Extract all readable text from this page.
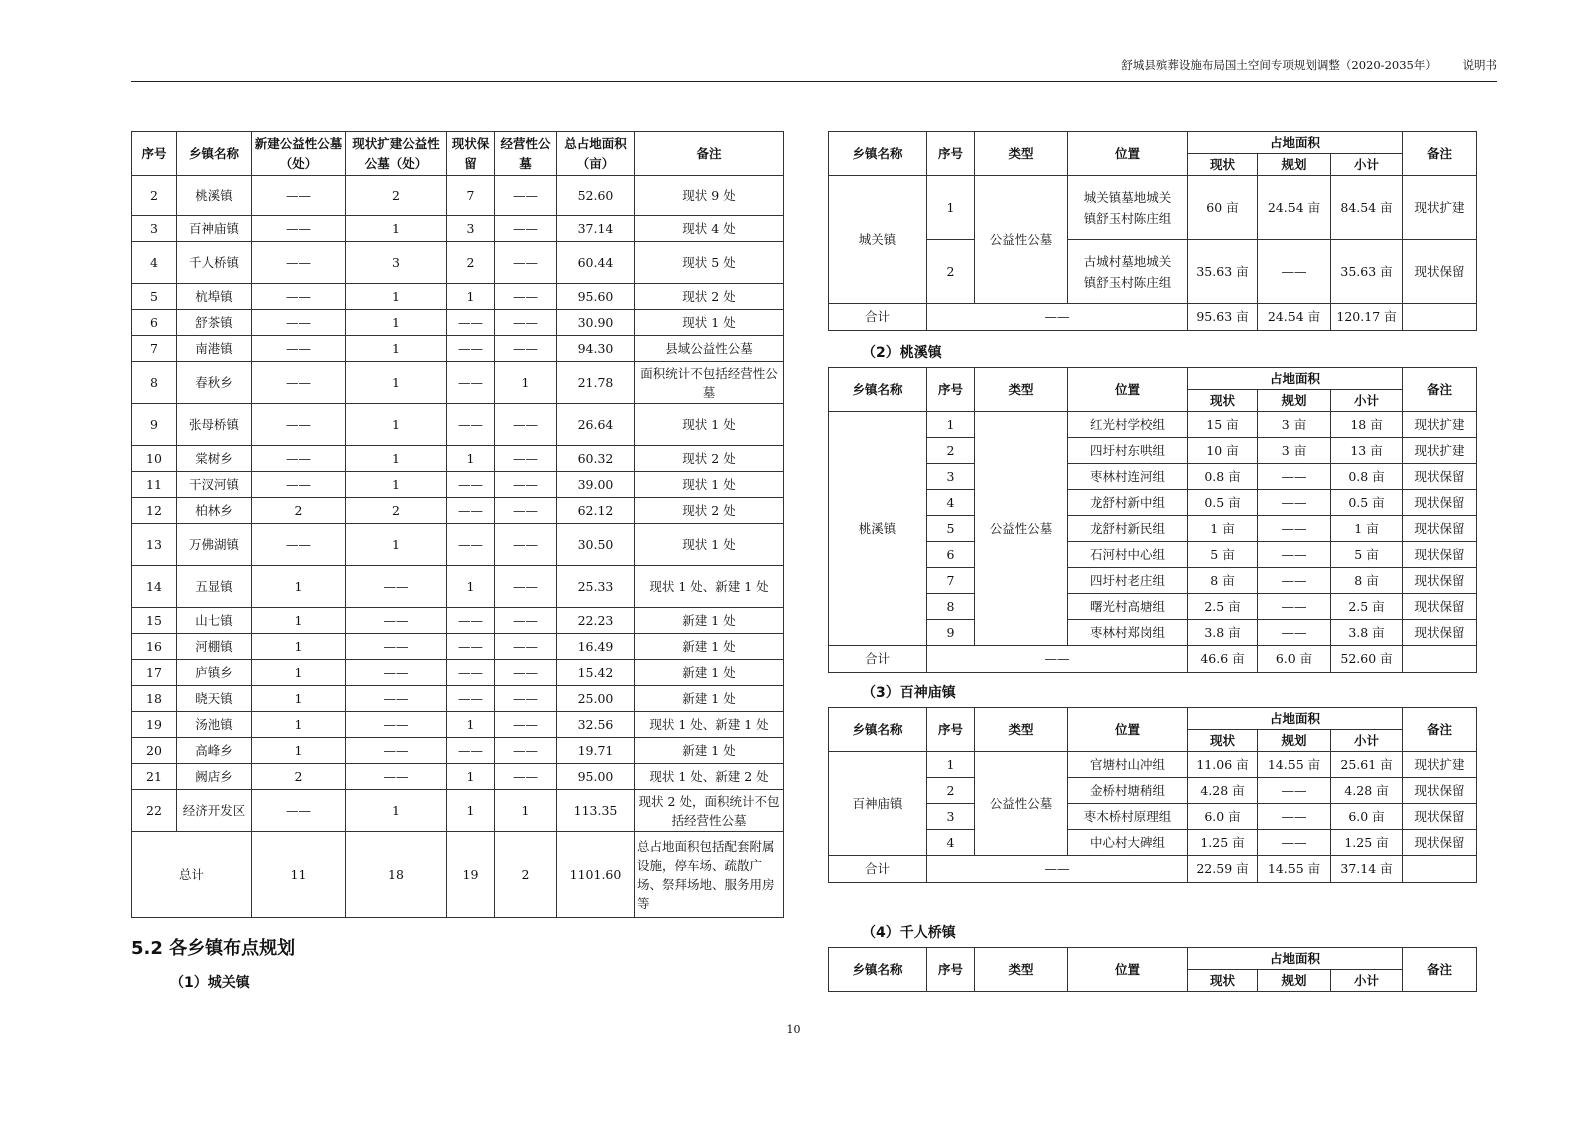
舒城县殡葬设施布局国土空间专项规划调整（2020-2035年） 说明书
序号	乡镇名称	新建公益性公墓（处）	现状扩建公益性公墓（处）	现状保留	经营性公墓	总占地面积（亩）	备注
2	桃溪镇	——	2	7	——	52.60	现状 9 处
3	百神庙镇	——	1	3	——	37.14	现状 4 处
4	千人桥镇	——	3	2	——	60.44	现状 5 处
5	杭埠镇	——	1	1	——	95.60	现状 2 处
6	舒茶镇	——	1	——	——	30.90	现状 1 处
7	南港镇	——	1	——	——	94.30	县域公益性公墓
8	春秋乡	——	1	——	1	21.78	面积统计不包括经营性公墓
9	张母桥镇	——	1	——	——	26.64	现状 1 处
10	棠树乡	——	1	1	——	60.32	现状 2 处
11	干汊河镇	——	1	——	——	39.00	现状 1 处
12	柏林乡	2	2	——	——	62.12	现状 2 处
13	万佛湖镇	——	1	——	——	30.50	现状 1 处
14	五显镇	1	——	1	——	25.33	现状 1 处、新建 1 处
15	山七镇	1	——	——	——	22.23	新建 1 处
16	河棚镇	1	——	——	——	16.49	新建 1 处
17	庐镇乡	1	——	——	——	15.42	新建 1 处
18	晓天镇	1	——	——	——	25.00	新建 1 处
19	汤池镇	1	——	1	——	32.56	现状 1 处、新建 1 处
20	高峰乡	1	——	——	——	19.71	新建 1 处
21	阙店乡	2	——	1	——	95.00	现状 1 处、新建 2 处
22	经济开发区	——	1	1	1	113.35	现状 2 处，面积统计不包括经营性公墓
总计		11	18	19	2	1101.60	总占地面积包括配套附属设施，停车场、疏散广场、祭拜场地、服务用房等
5.2 各乡镇布点规划
（1）城关镇
乡镇名称	序号	类型	位置	占地面积			备注
				现状	规划	小计	
城关镇	1	公益性公墓	城关镇墓地城关镇舒玉村陈庄组	60 亩	24.54 亩	84.54 亩	现状扩建
	2		古城村墓地城关镇舒玉村陈庄组	35.63 亩	——	35.63 亩	现状保留
合计	——			95.63 亩	24.54 亩	120.17 亩	
（2）桃溪镇
乡镇名称	序号	类型	位置	占地面积			备注
				现状	规划	小计	
桃溪镇	1	公益性公墓	红光村学校组	15 亩	3 亩	18 亩	现状扩建
	2		四圩村东哄组	10 亩	3 亩	13 亩	现状扩建
	3		枣林村连河组	0.8 亩	——	0.8 亩	现状保留
	4		龙舒村新中组	0.5 亩	——	0.5 亩	现状保留
	5		龙舒村新民组	1 亩	——	1 亩	现状保留
	6		石河村中心组	5 亩	——	5 亩	现状保留
	7		四圩村老庄组	8 亩	——	8 亩	现状保留
	8		曙光村高塘组	2.5 亩	——	2.5 亩	现状保留
	9		枣林村郑岗组	3.8 亩	——	3.8 亩	现状保留
合计	——			46.6 亩	6.0 亩	52.60 亩	
（3）百神庙镇
乡镇名称	序号	类型	位置	占地面积			备注
				现状	规划	小计	
百神庙镇	1	公益性公墓	官塘村山冲组	11.06 亩	14.55 亩	25.61 亩	现状扩建
	2		金桥村塘稍组	4.28 亩	——	4.28 亩	现状保留
	3		枣木桥村原理组	6.0 亩	——	6.0 亩	现状保留
	4		中心村大碑组	1.25 亩	——	1.25 亩	现状保留
合计	——			22.59 亩	14.55 亩	37.14 亩	
（4）千人桥镇
乡镇名称	序号	类型	位置	占地面积			备注
				现状	规划	小计	
10
